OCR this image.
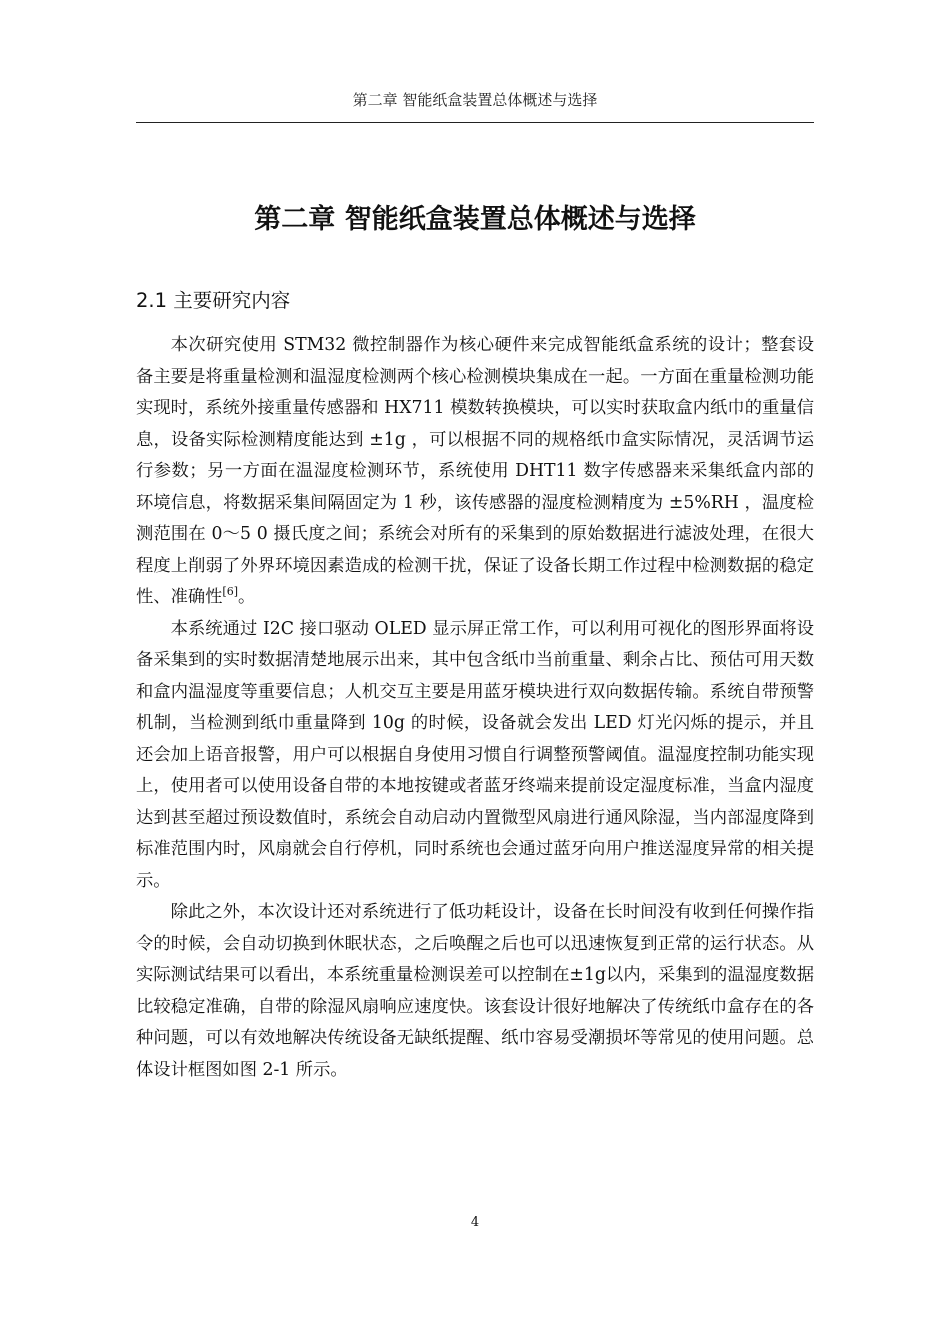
第二章 智能纸盒装置总体概述与选择
第二章 智能纸盒装置总体概述与选择
2.1 主要研究内容

本次研究使用 STM32 微控制器作为核心硬件来完成智能纸盒系统的设计；整套设备主要是将重量检测和温湿度检测两个核心检测模块集成在一起。一方面在重量检测功能实现时，系统外接重量传感器和 HX711 模数转换模块，可以实时获取盒内纸巾的重量信息，设备实际检测精度能达到 ±1g ，可以根据不同的规格纸巾盒实际情况，灵活调节运行参数；另一方面在温湿度检测环节，系统使用 DHT11 数字传感器来采集纸盒内部的环境信息，将数据采集间隔固定为 1 秒，该传感器的湿度检测精度为 ±5%RH ，温度检测范围在 0～5 0 摄氏度之间；系统会对所有的采集到的原始数据进行滤波处理，在很大程度上削弱了外界环境因素造成的检测干扰，保证了设备长期工作过程中检测数据的稳定性、准确性[6]。

本系统通过 I2C 接口驱动 OLED 显示屏正常工作，可以利用可视化的图形界面将设备采集到的实时数据清楚地展示出来，其中包含纸巾当前重量、剩余占比、预估可用天数和盒内温湿度等重要信息；人机交互主要是用蓝牙模块进行双向数据传输。系统自带预警机制，当检测到纸巾重量降到 10g 的时候，设备就会发出 LED 灯光闪烁的提示，并且还会加上语音报警，用户可以根据自身使用习惯自行调整预警阈值。温湿度控制功能实现上，使用者可以使用设备自带的本地按键或者蓝牙终端来提前设定湿度标准，当盒内湿度达到甚至超过预设数值时，系统会自动启动内置微型风扇进行通风除湿，当内部湿度降到标准范围内时，风扇就会自行停机，同时系统也会通过蓝牙向用户推送湿度异常的相关提示。

除此之外，本次设计还对系统进行了低功耗设计，设备在长时间没有收到任何操作指令的时候，会自动切换到休眠状态，之后唤醒之后也可以迅速恢复到正常的运行状态。从实际测试结果可以看出，本系统重量检测误差可以控制在±1g以内，采集到的温湿度数据比较稳定准确，自带的除湿风扇响应速度快。该套设计很好地解决了传统纸巾盒存在的各种问题，可以有效地解决传统设备无缺纸提醒、纸巾容易受潮损坏等常见的使用问题。总体设计框图如图 2-1 所示。

4
